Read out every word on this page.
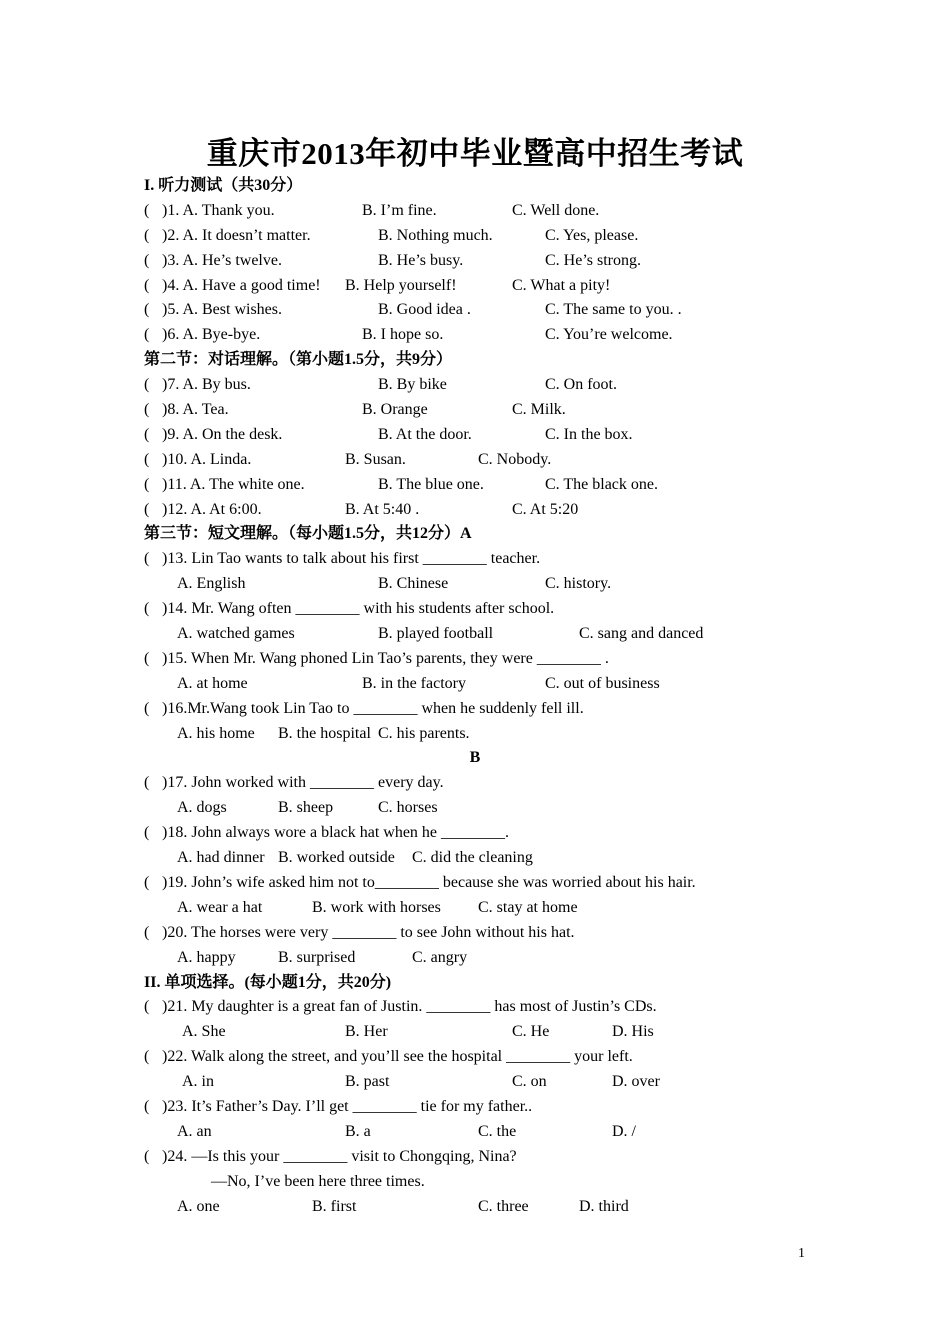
重庆市2013年初中毕业暨高中招生考试
I. 听力测试（共30分）
( )1. A. Thank you.	B. I’m fine.	C. Well done.
( )2. A. It doesn’t matter.	B. Nothing much.	C. Yes, please.
( )3. A. He’s twelve.	B. He’s busy.	C. He’s strong.
( )4. A. Have a good time! B. Help yourself!	C. What a pity!
( )5. A. Best wishes.	B. Good idea .	C. The same to you. .
( )6. A. Bye-bye.	B. I hope so.	C. You’re welcome.
第二节：对话理解。（第小题1.5分，共9分）
( )7. A. By bus.	B. By bike	C. On foot.
( )8. A. Tea.	B. Orange	C. Milk.
( )9. A. On the desk.	B. At the door.	C. In the box.
( )10. A. Linda.	B. Susan.	C. Nobody.
( )11. A. The white one.	B. The blue one.	C. The black one.
( )12. A. At 6:00.	B. At 5:40 .	C. At 5:20
第三节：短文理解。（每小题1.5分，共12分）A
( )13. Lin Tao wants to talk about his first ________ teacher.
A. English	B. Chinese	C. history.
( )14. Mr. Wang often ________ with his students after school.
A. watched games	B. played football	C. sang and danced
( )15. When Mr. Wang phoned Lin Tao’s parents, they were ________ .
A. at home	B. in the factory	C. out of business
( )16.Mr.Wang took Lin Tao to ________ when he suddenly fell ill.
A. his home B. the hospital C. his parents.
B
( )17. John worked with ________ every day.
A. dogs	B. sheep	C. horses
( )18. John always wore a black hat when he ________.
A. had dinner B. worked outside C. did the cleaning
( )19. John’s wife asked him not to________ because she was worried about his hair.
A. wear a hat	B. work with horses C. stay at home
( )20. The horses were very ________ to see John without his hat.
A. happy	B. surprised	C. angry
II. 单项选择。(每小题1分，共20分)
( )21. My daughter is a great fan of Justin. ________ has most of Justin’s CDs.
A. She	B. Her	C. He	D. His
( )22. Walk along the street, and you’ll see the hospital ________ your left.
A. in	B. past	C. on	D. over
( )23. It’s Father’s Day. I’ll get ________ tie for my father..
A. an	B. a	C. the	D. /
( )24. —Is this your ________ visit to Chongqing, Nina?
—No, I’ve been here three times.
A. one	B. first	C. three	D. third
1
